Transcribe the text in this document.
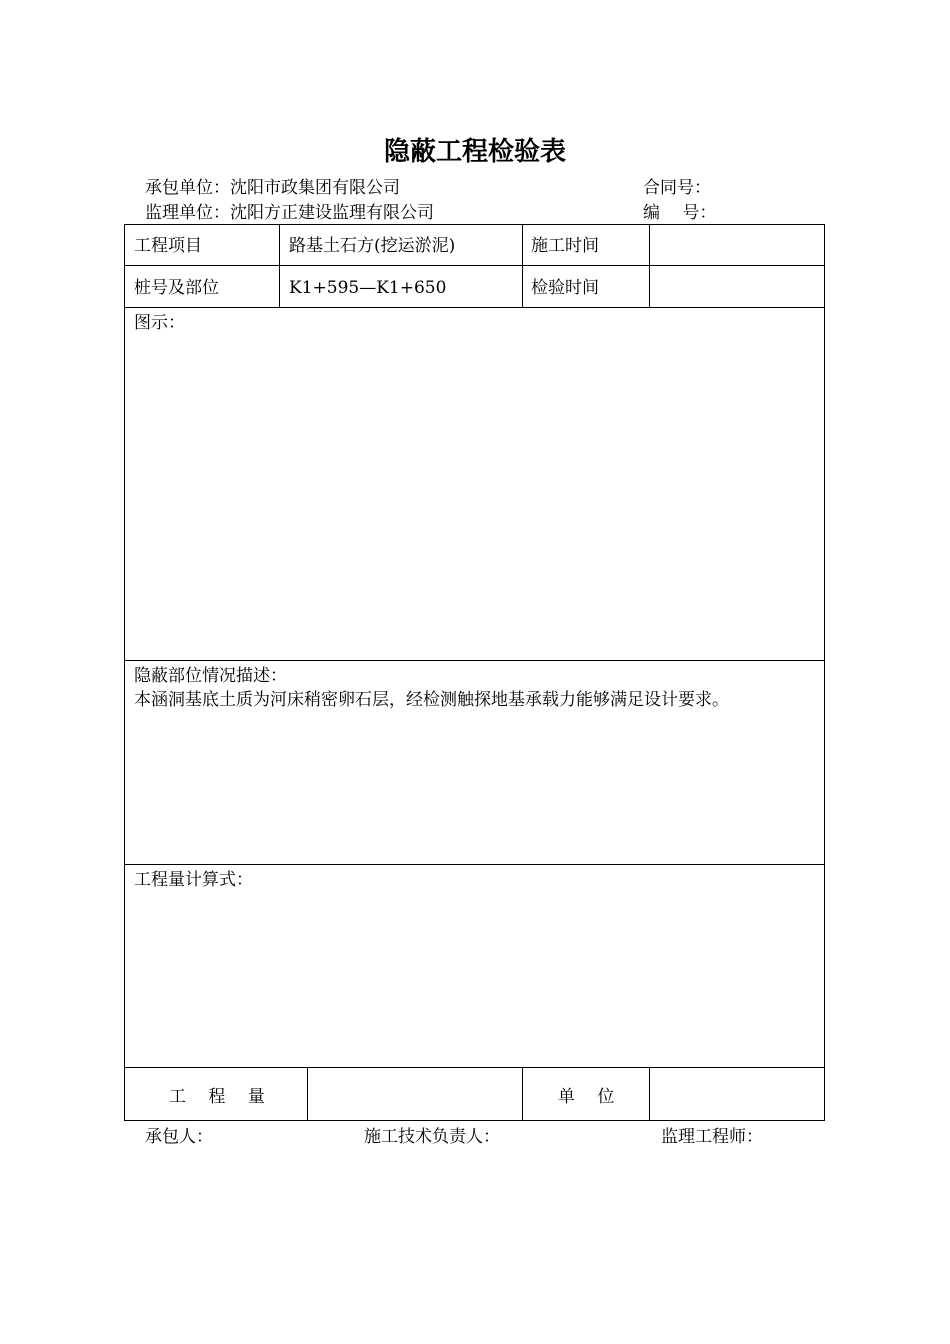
隐蔽工程检验表
承包单位：沈阳市政集团有限公司	合同号：
监理单位：沈阳方正建设监理有限公司	编　 号：
工程项目	路基土石方(挖运淤泥)	施工时间
桩号及部位	K1+595—K1+650	检验时间
图示：
隐蔽部位情况描述：
本涵洞基底土质为河床稍密卵石层，经检测触探地基承载力能够满足设计要求。
工程量计算式：
工　 程　 量	单　 位
承包人：	施工技术负责人：	监理工程师：
